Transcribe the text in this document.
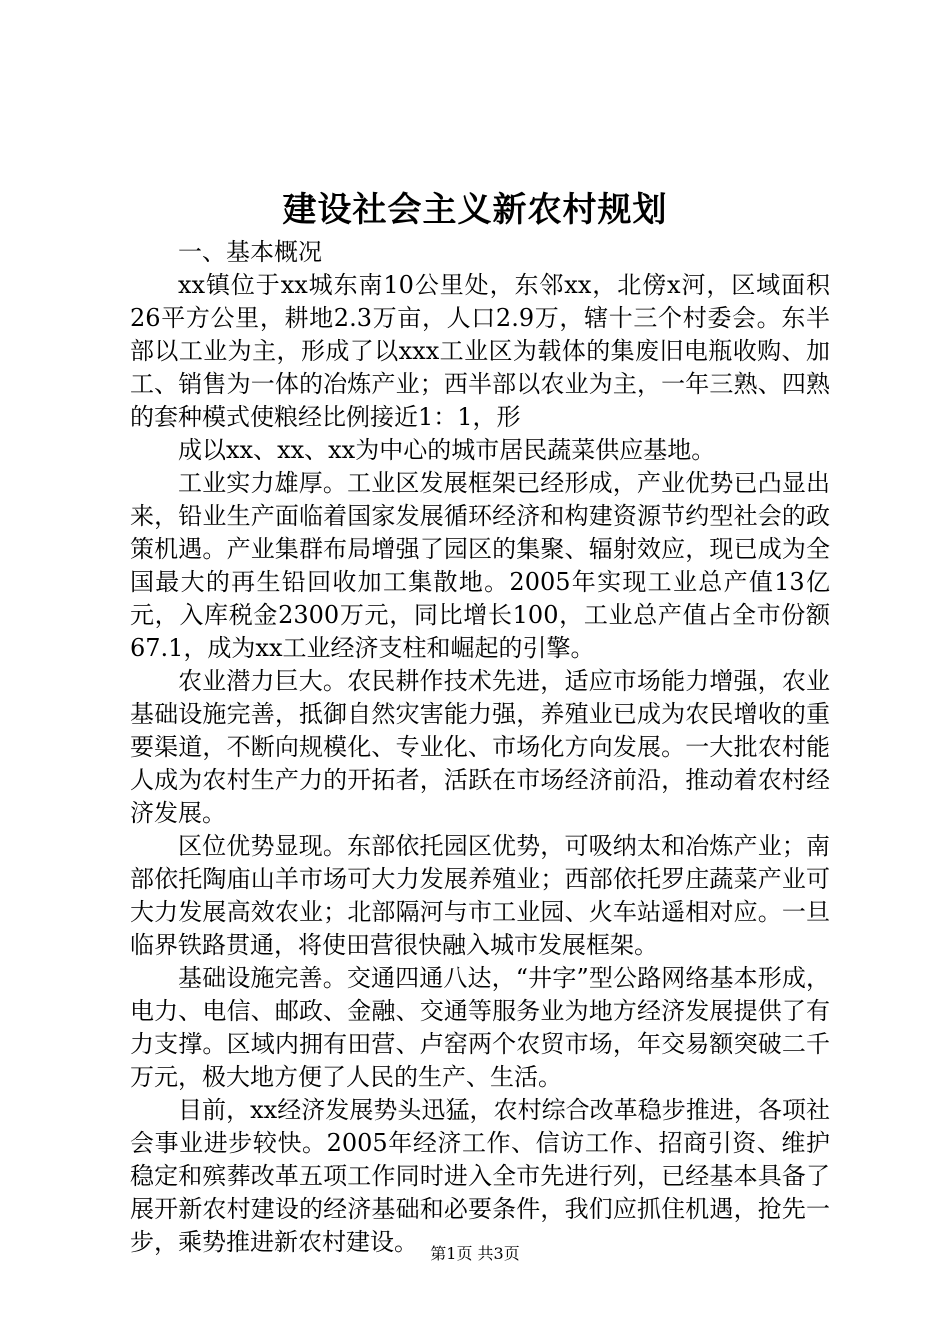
建设社会主义新农村规划

一、基本概况

xx镇位于xx城东南10公里处，东邻xx，北傍x河，区域面积26平方公里，耕地2.3万亩，人口2.9万，辖十三个村委会。东半部以工业为主，形成了以xxx工业区为载体的集废旧电瓶收购、加工、销售为一体的冶炼产业；西半部以农业为主，一年三熟、四熟的套种模式使粮经比例接近1：1，形

成以xx、xx、xx为中心的城市居民蔬菜供应基地。

工业实力雄厚。工业区发展框架已经形成，产业优势已凸显出来，铅业生产面临着国家发展循环经济和构建资源节约型社会的政策机遇。产业集群布局增强了园区的集聚、辐射效应，现已成为全国最大的再生铅回收加工集散地。2005年实现工业总产值13亿元，入库税金2300万元，同比增长100，工业总产值占全市份额67.1，成为xx工业经济支柱和崛起的引擎。

农业潜力巨大。农民耕作技术先进，适应市场能力增强，农业基础设施完善，抵御自然灾害能力强，养殖业已成为农民增收的重要渠道，不断向规模化、专业化、市场化方向发展。一大批农村能人成为农村生产力的开拓者，活跃在市场经济前沿，推动着农村经济发展。

区位优势显现。东部依托园区优势，可吸纳太和冶炼产业；南部依托陶庙山羊市场可大力发展养殖业；西部依托罗庄蔬菜产业可大力发展高效农业；北部隔河与市工业园、火车站遥相对应。一旦临界铁路贯通，将使田营很快融入城市发展框架。

基础设施完善。交通四通八达，“井字”型公路网络基本形成，电力、电信、邮政、金融、交通等服务业为地方经济发展提供了有力支撑。区域内拥有田营、卢窑两个农贸市场，年交易额突破二千万元，极大地方便了人民的生产、生活。

目前，xx经济发展势头迅猛，农村综合改革稳步推进，各项社会事业进步较快。2005年经济工作、信访工作、招商引资、维护稳定和殡葬改革五项工作同时进入全市先进行列，已经基本具备了展开新农村建设的经济基础和必要条件，我们应抓住机遇，抢先一步，乘势推进新农村建设。 第1页 共3页
